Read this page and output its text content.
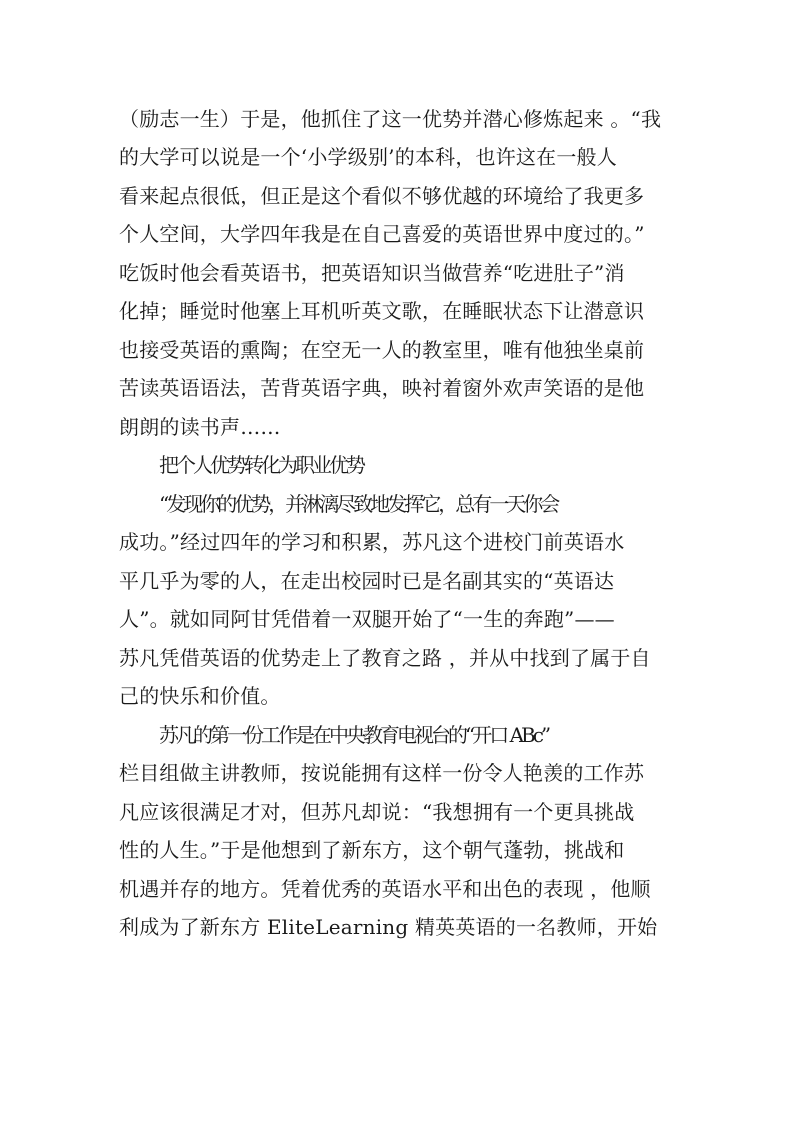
（励志一生）于是，他抓住了这一优势并潜心修炼起来 。“我
的大学可以说是一个‘小学级别’的本科，也许这在一般人
看来起点很低，但正是这个看似不够优越的环境给了我更多
个人空间，大学四年我是在自己喜爱的英语世界中度过的。”
吃饭时他会看英语书，把英语知识当做营养“吃进肚子”消
化掉；睡觉时他塞上耳机听英文歌，在睡眠状态下让潜意识
也接受英语的熏陶；在空无一人的教室里，唯有他独坐桌前
苦读英语语法，苦背英语字典，映衬着窗外欢声笑语的是他
朗朗的读书声……
把个人优势转化为职业优势
“发现你的优势，并淋漓尽致地发挥它，总有一天你会
成功。”经过四年的学习和积累，苏凡这个进校门前英语水
平几乎为零的人，在走出校园时已是名副其实的“英语达
人”。就如同阿甘凭借着一双腿开始了“一生的奔跑”——
苏凡凭借英语的优势走上了教育之路 ，并从中找到了属于自
己的快乐和价值。
苏凡的第一份工作是在中央教育电视台的“开口 ABc”
栏目组做主讲教师，按说能拥有这样一份令人艳羡的工作苏
凡应该很满足才对，但苏凡却说：“我想拥有一个更具挑战
性的人生。”于是他想到了新东方，这个朝气蓬勃，挑战和
机遇并存的地方。凭着优秀的英语水平和出色的表现 ，他顺
利成为了新东方 EliteLearning 精英英语的一名教师，开始
